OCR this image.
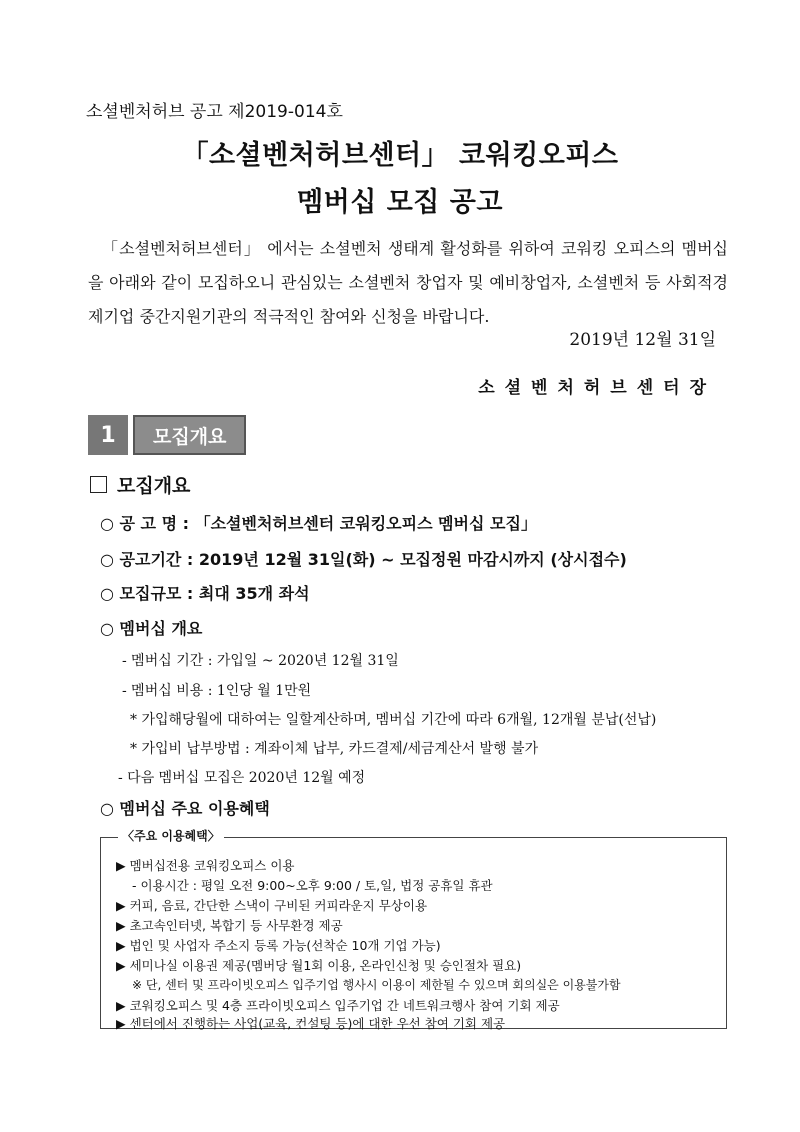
소셜벤처허브 공고 제2019-014호
「소셜벤처허브센터」 코워킹오피스
멤버십 모집 공고
「소셜벤처허브센터」 에서는 소셜벤처 생태계 활성화를 위하여 코워킹 오피스의 멤버십을 아래와 같이 모집하오니 관심있는 소셜벤처 창업자 및 예비창업자, 소셜벤처 등 사회적경제기업 중간지원기관의 적극적인 참여와 신청을 바랍니다.
2019년 12월 31일
소셜벤처허브센터장
1	모집개요
모집개요
○ 공 고 명 : 「소셜벤처허브센터 코워킹오피스 멤버십 모집」
○ 공고기간 : 2019년 12월 31일(화) ~ 모집정원 마감시까지 (상시접수)
○ 모집규모 : 최대 35개 좌석
○ 멤버십 개요
- 멤버십 기간 : 가입일 ~ 2020년 12월 31일
- 멤버십 비용 : 1인당 월 1만원
* 가입해당월에 대하여는 일할계산하며, 멤버십 기간에 따라 6개월, 12개월 분납(선납)
* 가입비 납부방법 : 계좌이체 납부, 카드결제/세금계산서 발행 불가
- 다음 멤버십 모집은 2020년 12월 예정
○ 멤버십 주요 이용혜택
〈주요 이용혜택〉
▶ 멤버십전용 코워킹오피스 이용
- 이용시간 : 평일 오전 9:00~오후 9:00 / 토,일, 법정 공휴일 휴관
▶ 커피, 음료, 간단한 스낵이 구비된 커피라운지 무상이용
▶ 초고속인터넷, 복합기 등 사무환경 제공
▶ 법인 및 사업자 주소지 등록 가능(선착순 10개 기업 가능)
▶ 세미나실 이용권 제공(멤버당 월1회 이용, 온라인신청 및 승인절차 필요)
※ 단, 센터 및 프라이빗오피스 입주기업 행사시 이용이 제한될 수 있으며 회의실은 이용불가함
▶ 코워킹오피스 및 4층 프라이빗오피스 입주기업 간 네트워크행사 참여 기회 제공
▶ 센터에서 진행하는 사업(교육, 컨설팅 등)에 대한 우선 참여 기회 제공
